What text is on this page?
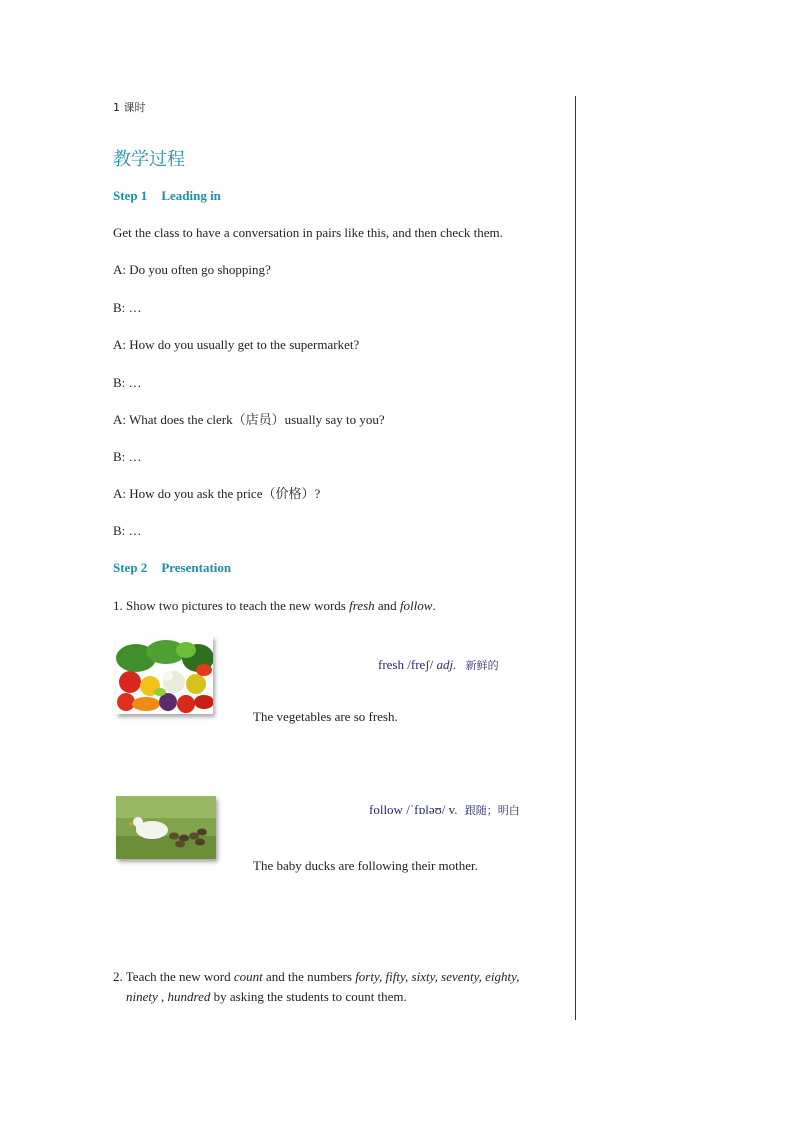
1 课时
教学过程
Step 1 Leading in
Get the class to have a conversation in pairs like this, and then check them.
A: Do you often go shopping?
B: …
A: How do you usually get to the supermarket?
B: …
A: What does the clerk（店员）usually say to you?
B: …
A: How do you ask the price（价格）?
B: …
Step 2 Presentation
1. Show two pictures to teach the new words fresh and follow.
fresh /freʃ/ adj. 新鲜的
The vegetables are so fresh.
follow /ˈfɒləʊ/ v. 跟随；明白
The baby ducks are following their mother.
2. Teach the new word count and the numbers forty, fifty, sixty, seventy, eighty,
ninety , hundred by asking the students to count them.
